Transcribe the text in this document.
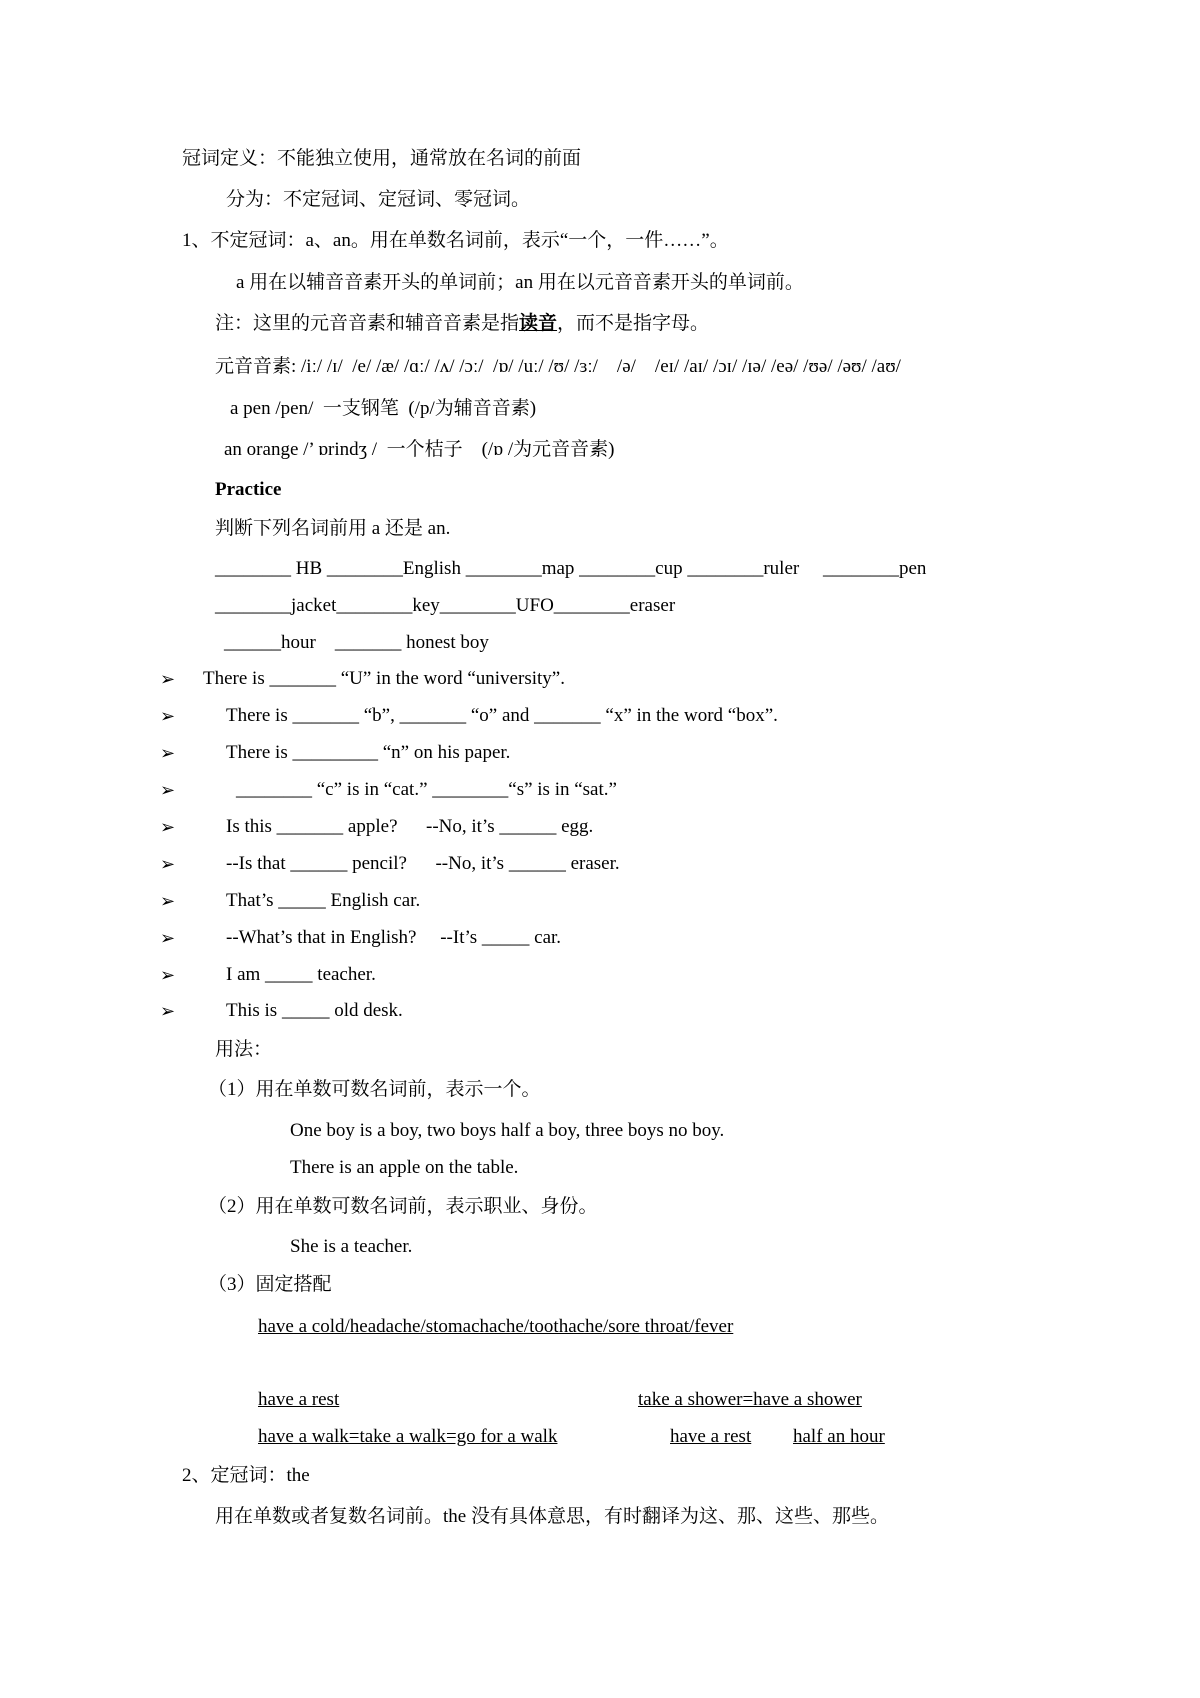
冠词定义：不能独立使用，通常放在名词的前面
分为：不定冠词、定冠词、零冠词。
1、不定冠词：a、an。用在单数名词前，表示“一个，一件……”。
a 用在以辅音音素开头的单词前；an 用在以元音音素开头的单词前。
注：这里的元音音素和辅音音素是指读音，而不是指字母。
元音音素: /iː/ /ɪ/  /e/ /æ/ /ɑː/ /ʌ/ /ɔː/  /ɒ/ /uː/ /ʊ/ /ɜː/    /ə/    /eɪ/ /aɪ/ /ɔɪ/ /ɪə/ /eə/ /ʊə/ /əʊ/ /aʊ/
a pen /pen/  一支钢笔  (/p/为辅音音素)
an orange /’ ɒrindʒ /  一个桔子    (/ɒ /为元音音素)
Practice
判断下列名词前用 a 还是 an.
________ HB ________English ________map ________cup ________ruler     ________pen
________jacket________key________UFO________eraser
______hour    _______ honest boy
➢ There is _______ “U” in the word “university”.
➢	There is _______ “b”, _______ “o” and _______ “x” in the word “box”.
➢	There is _________ “n” on his paper.
➢	________ “c” is in “cat.” ________“s” is in “sat.”
➢	Is this _______ apple?      --No, it’s ______ egg.
➢	--Is that ______ pencil?      --No, it’s ______ eraser.
➢	That’s _____ English car.
➢	--What’s that in English?     --It’s _____ car.
➢	I am _____ teacher.
➢	This is _____ old desk.
用法：
（1）用在单数可数名词前，表示一个。
One boy is a boy, two boys half a boy, three boys no boy.
There is an apple on the table.
（2）用在单数可数名词前，表示职业、身份。
She is a teacher.
（3）固定搭配
have a cold/headache/stomachache/toothache/sore throat/fever
have a rest	take a shower=have a shower
have a walk=take a walk=go for a walk	have a rest half an hour
2、定冠词：the
用在单数或者复数名词前。the 没有具体意思，有时翻译为这、那、这些、那些。
